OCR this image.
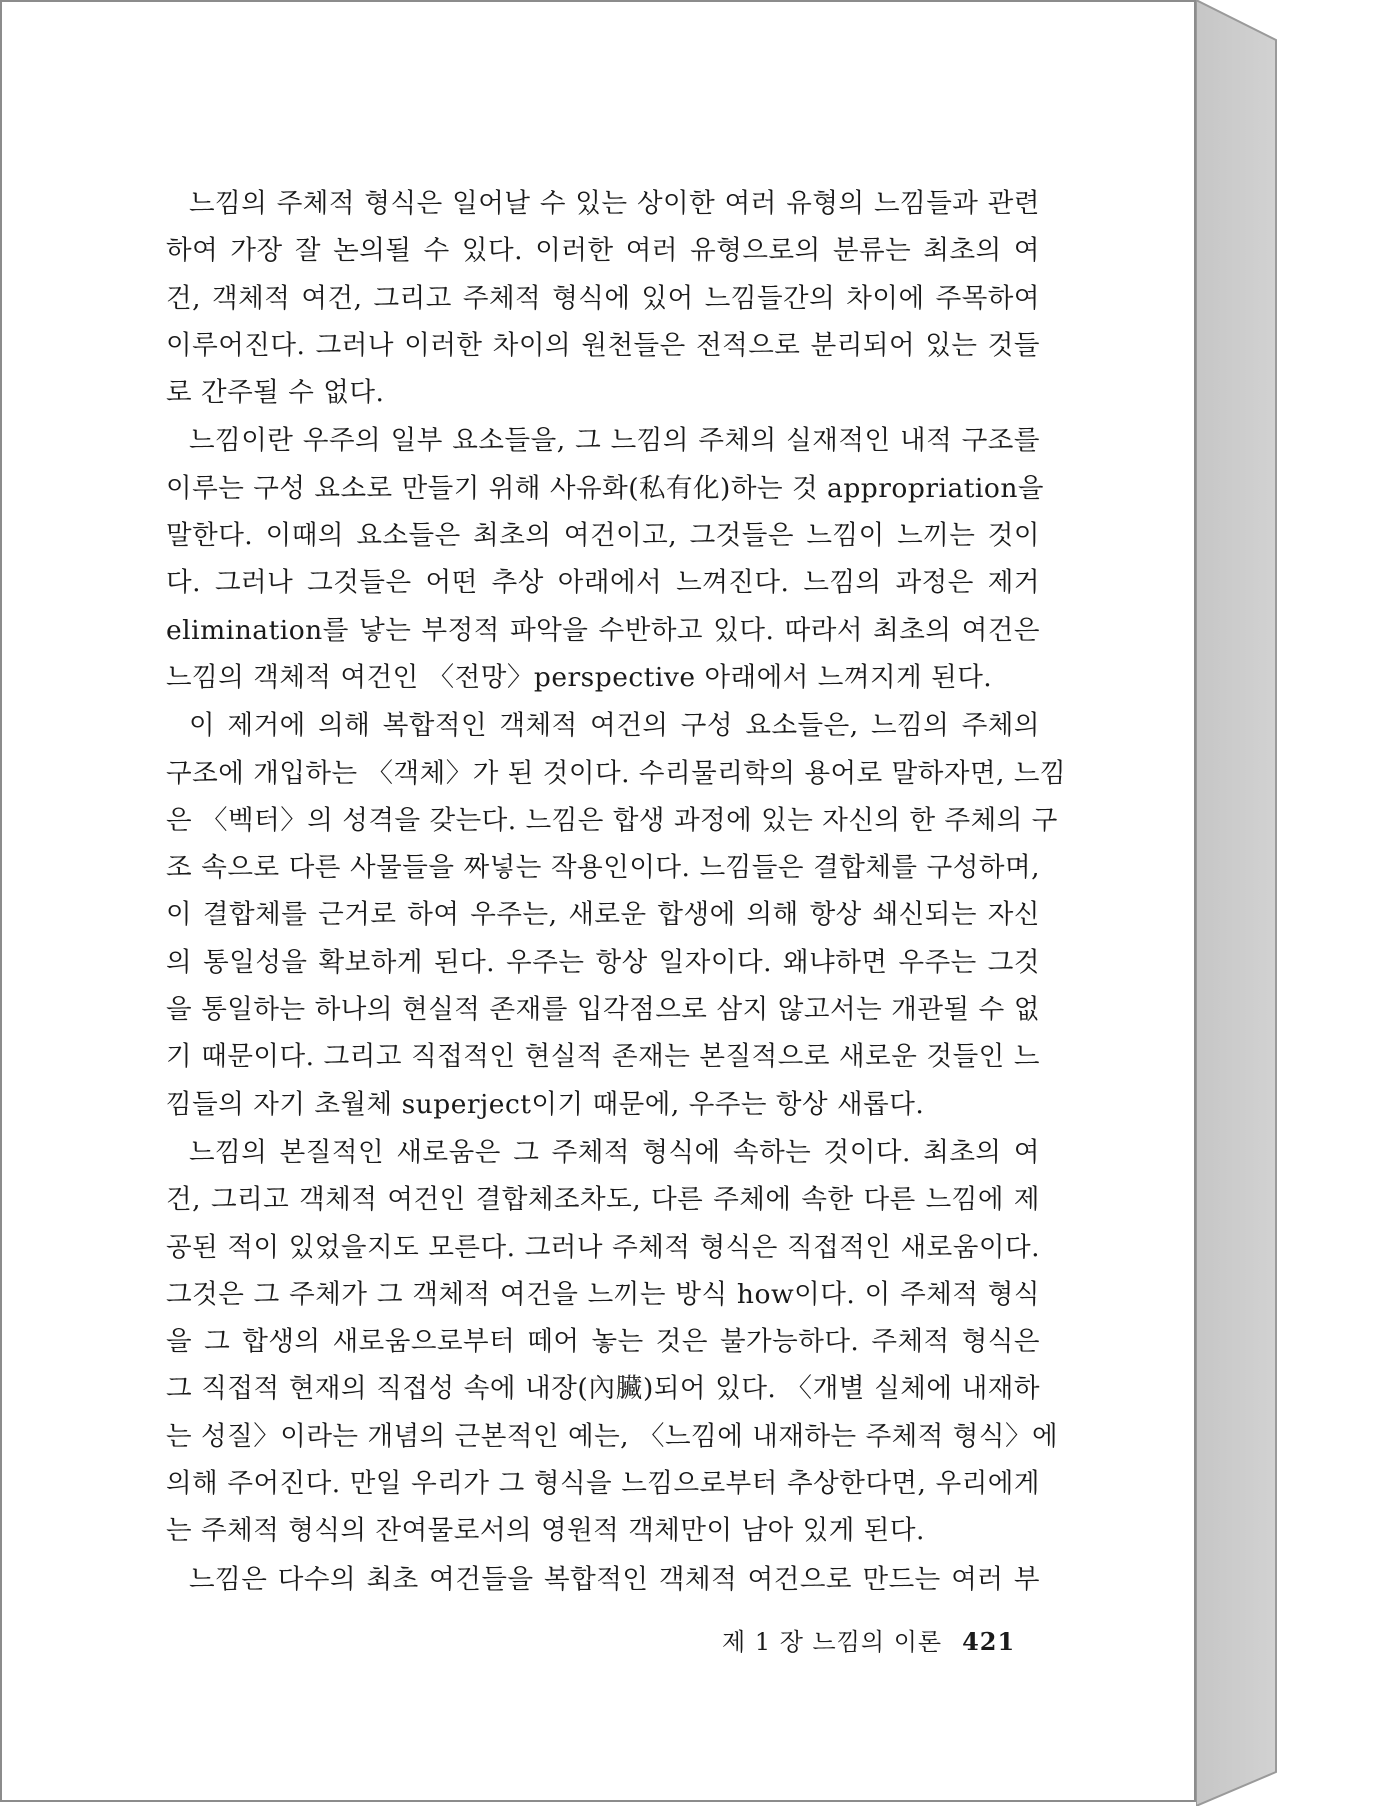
느낌의 주체적 형식은 일어날 수 있는 상이한 여러 유형의 느낌들과 관련
하여 가장 잘 논의될 수 있다. 이러한 여러 유형으로의 분류는 최초의 여
건, 객체적 여건, 그리고 주체적 형식에 있어 느낌들간의 차이에 주목하여
이루어진다. 그러나 이러한 차이의 원천들은 전적으로 분리되어 있는 것들
로 간주될 수 없다.

느낌이란 우주의 일부 요소들을, 그 느낌의 주체의 실재적인 내적 구조를
이루는 구성 요소로 만들기 위해 사유화(私有化)하는 것 appropriation을
말한다. 이때의 요소들은 최초의 여건이고, 그것들은 느낌이 느끼는 것이
다. 그러나 그것들은 어떤 추상 아래에서 느껴진다. 느낌의 과정은 제거
elimination를 낳는 부정적 파악을 수반하고 있다. 따라서 최초의 여건은
느낌의 객체적 여건인 〈전망〉perspective 아래에서 느껴지게 된다.

이 제거에 의해 복합적인 객체적 여건의 구성 요소들은, 느낌의 주체의
구조에 개입하는 〈객체〉가 된 것이다. 수리물리학의 용어로 말하자면, 느낌
은 〈벡터〉의 성격을 갖는다. 느낌은 합생 과정에 있는 자신의 한 주체의 구
조 속으로 다른 사물들을 짜넣는 작용인이다. 느낌들은 결합체를 구성하며,
이 결합체를 근거로 하여 우주는, 새로운 합생에 의해 항상 쇄신되는 자신
의 통일성을 확보하게 된다. 우주는 항상 일자이다. 왜냐하면 우주는 그것
을 통일하는 하나의 현실적 존재를 입각점으로 삼지 않고서는 개관될 수 없
기 때문이다. 그리고 직접적인 현실적 존재는 본질적으로 새로운 것들인 느
낌들의 자기 초월체 superject이기 때문에, 우주는 항상 새롭다.

느낌의 본질적인 새로움은 그 주체적 형식에 속하는 것이다. 최초의 여
건, 그리고 객체적 여건인 결합체조차도, 다른 주체에 속한 다른 느낌에 제
공된 적이 있었을지도 모른다. 그러나 주체적 형식은 직접적인 새로움이다.
그것은 그 주체가 그 객체적 여건을 느끼는 방식 how이다. 이 주체적 형식
을 그 합생의 새로움으로부터 떼어 놓는 것은 불가능하다. 주체적 형식은
그 직접적 현재의 직접성 속에 내장(內臟)되어 있다. 〈개별 실체에 내재하
는 성질〉이라는 개념의 근본적인 예는, 〈느낌에 내재하는 주체적 형식〉에
의해 주어진다. 만일 우리가 그 형식을 느낌으로부터 추상한다면, 우리에게
는 주체적 형식의 잔여물로서의 영원적 객체만이 남아 있게 된다.

느낌은 다수의 최초 여건들을 복합적인 객체적 여건으로 만드는 여러 부

제 1 장 느낌의 이론 421
